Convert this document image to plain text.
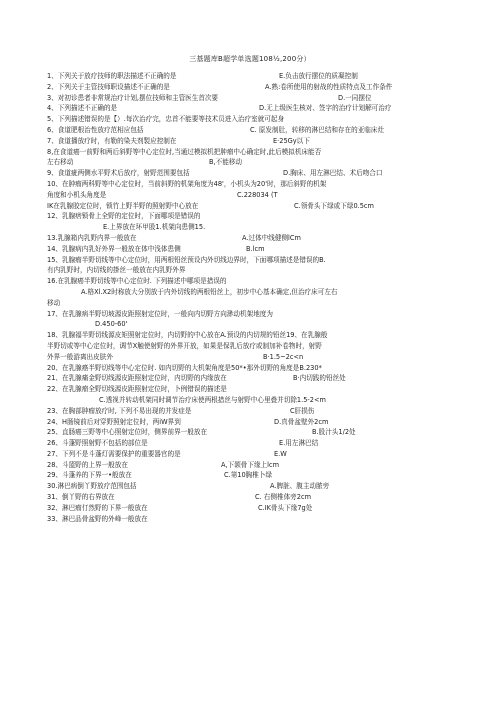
三基题库B超学单选题108½,200分）
1、下列关于放疗技师的职法描述不正确的是	E.负击放行摆位的质凝控制
2、下列关于主管技师职设描述不正确的是	A.熟:卷所使用的射战的性质特点及工作条件
3、对初诊患者非常规治疗计划,摆位技师和主管医生首次要	D.一同摆位
4、下列描述不正确的是	D.无上级医生核对、签字的治疗计划解可治疗
5、下列描述错误的是【）.每次治疗完，忠首不能要等技术员进入治疗室就可起身
6、食道肥根治性放疗范相应包括	C. 原发制肚，转移的淋巴结和存在的亚临床灶
7、食道播放疗时，有勒的染夫剂製应控制在	E·25Gy以下
8,在食道癌一前野和两后斜野等中心定位时,当通过模拟机把肿瘤中心确定时,此后模拟机床能否
左右移动	B,不能移动
9、食道疵两侧水平野术后放疗，射野范围要包括	D.胸床、用左淋巴结、术后吻合口
10、在肿瘤两科野等中心定位时，当前斜野的机架角度为48'，小机头为20'时，那后斜野的机架
角度和小机头角度是	C.228034 (T
IK在乳腺胶定位时，锁竹上野半野的照射野中心放在	C.领骨头下绿或下绿0.5cm
12、乳腺痞锁骨上全野的定位时，下面哪项是错误的
E.上界放在环甲股1.机架向患侧15.
13.乳腺箱内乳野内界一般放在	A.过体中线健侧lCm
14、乳腺病内乳好外界一般放在体中浅体患侧	B.lcm
15、乳腺瘤半野切线等中心定位时，用两根铅丝预设内外切线边界时，下面哪项描述是错误的B.
有内乳野时，内切线的掛丝一般放在内乳野外界
16.在乳腺癌半野切线等中心定位时. 下列描述中哪项是措误的
A.格Xl.X2时称放大分别放于内外切线的两根铅丝上，初步中心基本确定,但治疗床可左右
移动
17、在乳腺病半野切坡源皮距照射定位时，一般向内切野方向渺动机架地度为
D.450-60'
18、乳腺福半野切线源皮矩照射定位时，内切野的中心放在A.预设的内切规的铅丝19、在乳腺般
半野切或等中心定位时，调节X触使射野的外界开放，如果是保乳后放疗或制加补卷物时，射野
外界一般游离出皮肤外	B·1.5~2c<n
20、在乳腺癌半野切线等中心定位时. 如内切野的大机架角度是50*•那外切野的角度是B.230*
21、在乳腺痛金野切线源皮距照射定位时，内切野的内缘放在	B·内切践的铅丝处
22、在乳腺瘤全野切线源皮距照射定位时，卜例错误的描述是
C.透视并转动机架同时调节治疗床使两根措丝与射野中心里叠并切除1.5-2<m
23、在胸部肿瘤放疗时, 下列不易出现的并发症是	C肝损伤
24、H肠镜前后对穿野照射定位时，两iW界到	D.真骨盆壁外2cm
25、直肠癌三野等中心照射定位时，侧界前界一般放在	B.股汁头1/2处
26、斗蓬野照射野不包括的部位是	E.用左淋巴结
27、下列不是斗蓬灯需要保护的重要器官的是	E.W
28、斗篮野的上界一般放在	A,下颌骨下缘上lcm
29、斗蓬养的下界一•般放在	C.第10胸椎卜绿
30.淋巴病倒丫野放疗范围包括	A.脾脏、腹主动脓旁
31、倒丫野的右界放在	C. 右侧椎体旁2cm
32、淋巴瘤仃然野的下界一般放在	C.IK骨头下缘7g处
33、淋巴品骨盆野的外峰一般放在
